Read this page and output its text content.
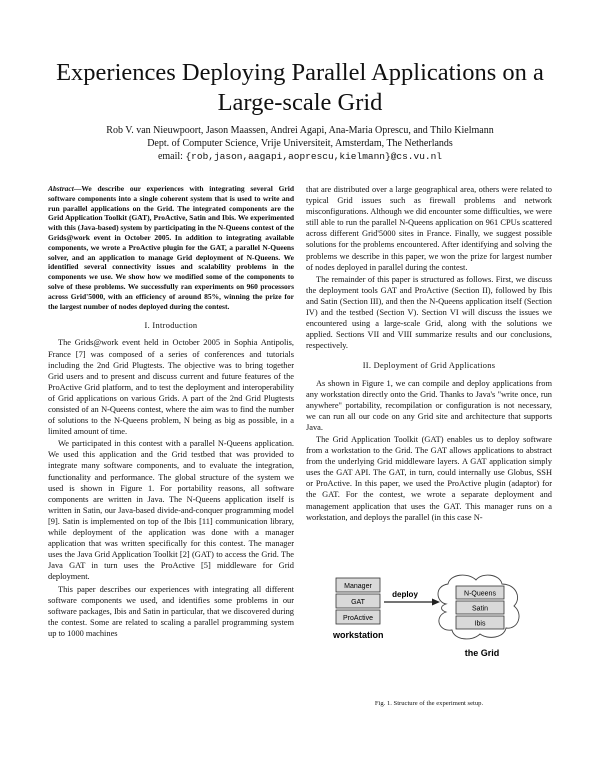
Experiences Deploying Parallel Applications on a
Large-scale Grid
Rob V. van Nieuwpoort, Jason Maassen, Andrei Agapi, Ana-Maria Oprescu, and Thilo Kielmann
Dept. of Computer Science, Vrije Universiteit, Amsterdam, The Netherlands
email: {rob,jason,aagapi,aoprescu,kielmann}@cs.vu.nl
Abstract—We describe our experiences with integrating several Grid software components into a single coherent system that is used to write and run parallel applications on the Grid. The integrated components are the Grid Application Toolkit (GAT), ProActive, Satin and Ibis. We experimented with this (Java-based) system by participating in the N-Queens contest of the Grids@work event in October 2005. In addition to integrating available components, we wrote a ProActive plugin for the GAT, a parallel N-Queens solver, and an application to manage Grid deployment of N-Queens. We identified several connectivity issues and scalability problems in the components we use. We show how we modified some of the components to solve of these problems. We successfully ran experiments on 960 processors across Grid'5000, with an efficiency of around 85%, winning the prize for the largest number of nodes deployed during the contest.
I. Introduction

The Grids@work event held in October 2005 in Sophia Antipolis, France [7] was composed of a series of conferences and tutorials including the 2nd Grid Plugtests. The objective was to bring together Grid users and to present and discuss current and future features of the ProActive Grid platform, and to test the deployment and interoperability of Grid applications on various Grids. A part of the 2nd Grid Plugtests consisted of an N-Queens contest, where the aim was to find the number of solutions to the N-Queens problem, N being as big as possible, in a limited amount of time.

We participated in this contest with a parallel N-Queens application. We used this application and the Grid testbed that was provided to integrate many software components, and to evaluate the integration, functionality and performance. The global structure of the system we used is shown in Figure 1. For portability reasons, all software components are written in Java. The N-Queens application itself is written in Satin, our Java-based divide-and-conquer programming model [9]. Satin is implemented on top of the Ibis [11] communication library, while deployment of the application was done with a manager application that was written specifically for this contest. The manager uses the Java Grid Application Toolkit [2] (GAT) to access the Grid. The Java GAT in turn uses the ProActive [5] middleware for Grid deployment.

This paper describes our experiences with integrating all different software components we used, and identifies some problems in our software packages, Ibis and Satin in particular, that we discovered during the contest. Some are related to scaling a parallel programming system up to 1000 machines

that are distributed over a large geographical area, others were related to typical Grid issues such as firewall problems and network misconfigurations. Although we did encounter some difficulties, we were still able to run the parallel N-Queens application on 961 CPUs scattered across different Grid'5000 sites in France. Finally, we suggest possible solutions for the problems encountered. After identifying and solving the problems we describe in this paper, we won the prize for largest number of nodes deployed in parallel during the contest.

The remainder of this paper is structured as follows. First, we discuss the deployment tools GAT and ProActive (Section II), followed by Ibis and Satin (Section III), and then the N-Queens application itself (Section IV) and the testbed (Section V). Section VI will discuss the issues we encountered using a large-scale Grid, along with the solutions we applied. Sections VII and VIII summarize results and our conclusions, respectively.

II. Deployment of Grid Applications

As shown in Figure 1, we can compile and deploy applications from any workstation directly onto the Grid. Thanks to Java's "write once, run anywhere" portability, recompilation or configuration is not necessary, we can run all our code on any Grid site and architecture that supports Java.

The Grid Application Toolkit (GAT) enables us to deploy software from a workstation to the Grid. The GAT allows applications to abstract from the underlying Grid middleware layers. A GAT application simply uses the GAT API. The GAT, in turn, could internally use Globus, SSH or ProActive. In this paper, we used the ProActive plugin (adaptor) for the GAT. For the contest, we wrote a separate deployment and management application that uses the GAT. This manager runs on a workstation, and deploys the parallel (in this case N-

Manager
GAT
ProActive
workstation
deploy	N-Queens
Satin
Ibis
the Grid
Fig. 1. Structure of the experiment setup.
